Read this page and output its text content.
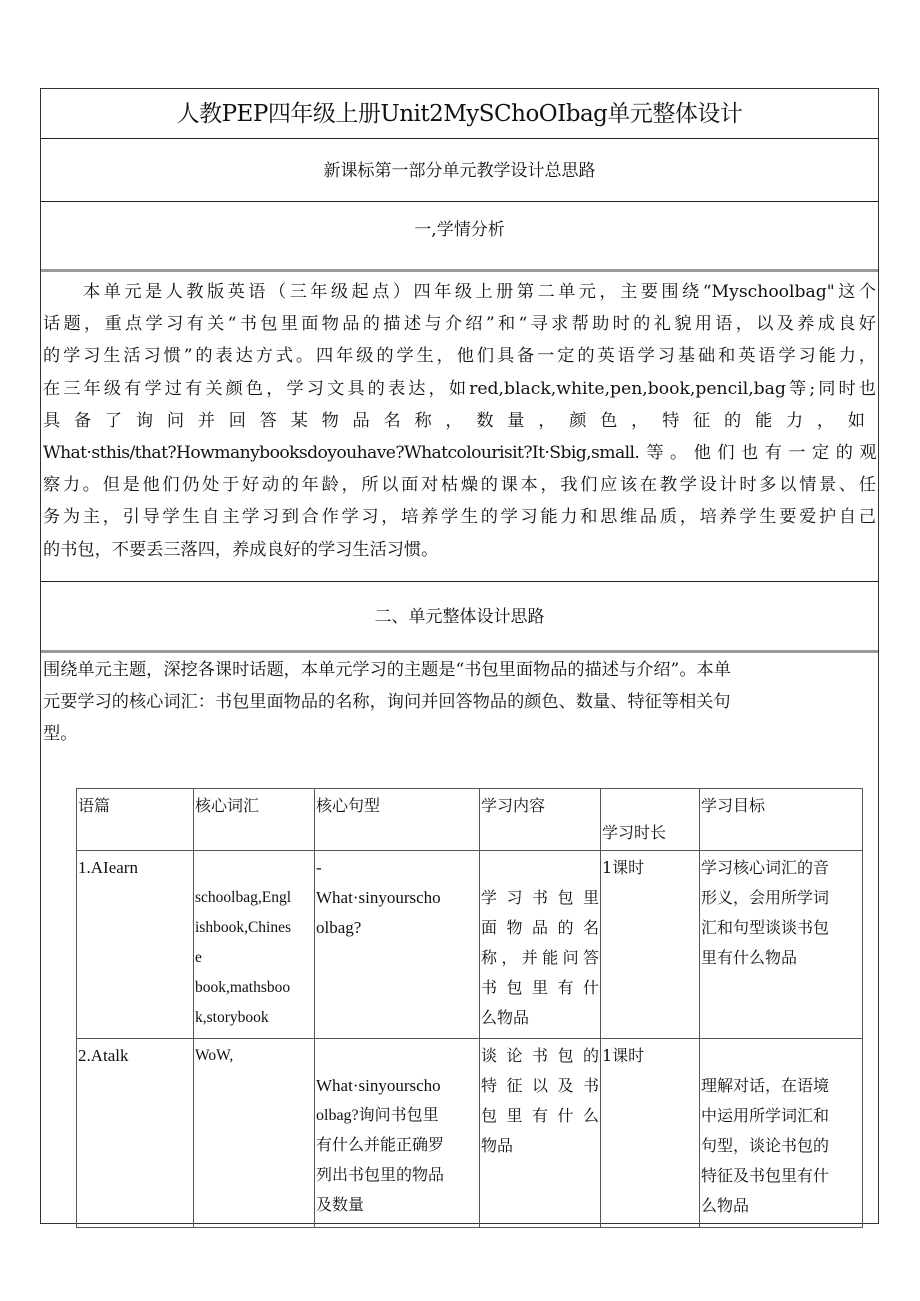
人教PEP四年级上册Unit2MySChoOIbag单元整体设计
新课标第一部分单元教学设计总思路
一,学情分析
本单元是人教版英语（三年级起点）四年级上册第二单元，主要围绕“Myschoolbag"这个
话题，重点学习有关“书包里面物品的描述与介绍”和“寻求帮助时的礼貌用语，以及养成良好
的学习生活习惯”的表达方式。四年级的学生，他们具备一定的英语学习基础和英语学习能力，
在三年级有学过有关颜色，学习文具的表达，如red,black,white,pen,book,pencil,bag等;同时也
具备了询问并回答某物品名称，数量，颜色，特征的能力，如
What·sthis/that?Howmanybooksdoyouhave?Whatcolourisit?It·Sbig,small.等。他们也有一定的观
察力。但是他们仍处于好动的年龄，所以面对枯燥的课本，我们应该在教学设计时多以情景、任
务为主，引导学生自主学习到合作学习，培养学生的学习能力和思维品质，培养学生要爱护自己
的书包，不要丢三落四，养成良好的学习生活习惯。
二、单元整体设计思路
围绕单元主题，深挖各课时话题，本单元学习的主题是“书包里面物品的描述与介绍”。本单
元要学习的核心词汇：书包里面物品的名称，询问并回答物品的颜色、数量、特征等相关句
型。
语篇	核心词汇	核心句型	学习内容	学习时长	学习目标
1.AIearn	schoolbag,Engl
ishbook,Chines
e
book,mathsboo
k,storybook	-
What·sinyourscho
olbag?	学习书包里
面物品的名
称，并能问答
书包里有什
么物品	1课时	学习核心词汇的音
形义，会用所学词
汇和句型谈谈书包
里有什么物品

2.Atalk	WoW,	What·sinyourscho
olbag?询问书包里
有什么并能正确罗
列出书包里的物品
及数量	谈论书包的
特征以及书
包里有什么
物品	1课时	理解对话，在语境
中运用所学词汇和
句型，谈论书包的
特征及书包里有什
么物品
